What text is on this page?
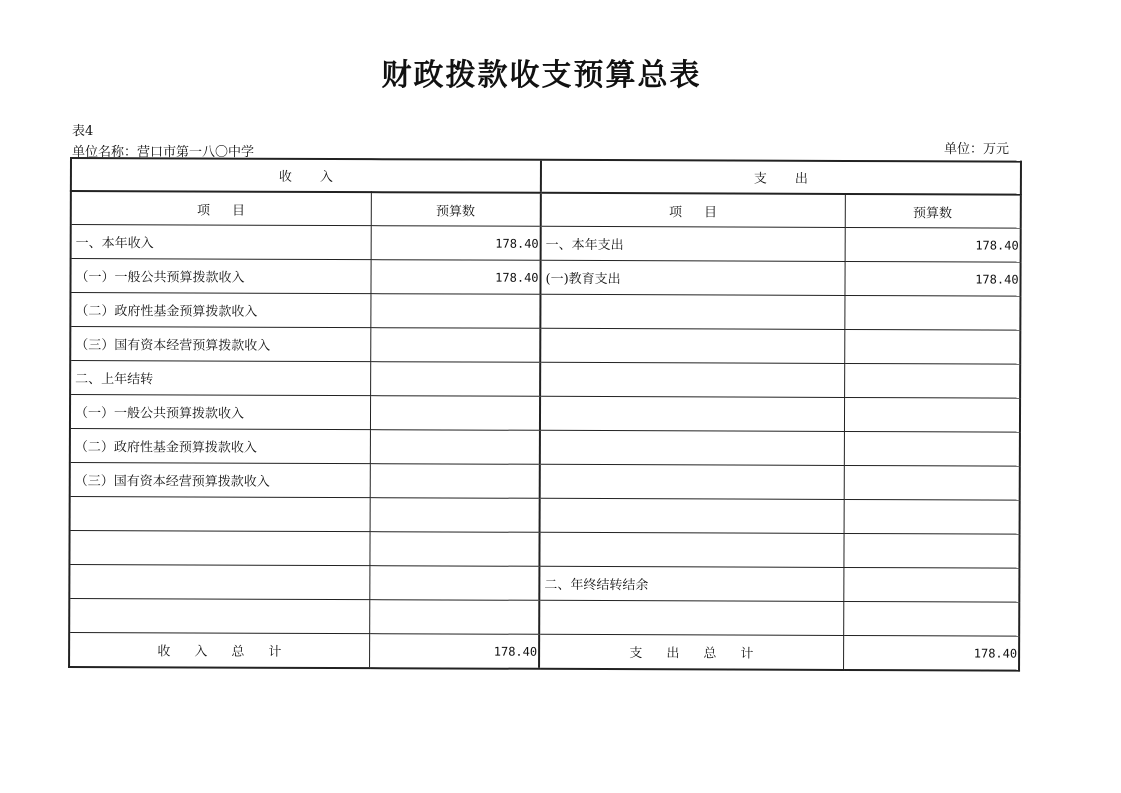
财政拨款收支预算总表
表4
单位名称：营口市第一八〇中学	单位：万元
收入		支出	
项目	预算数	项目	预算数
一、本年收入	178.40	一、本年支出	178.40
（一）一般公共预算拨款收入	178.40	(一)教育支出	178.40
（二）政府性基金预算拨款收入			
（三）国有资本经营预算拨款收入			
二、上年结转			
（一）一般公共预算拨款收入			
（二）政府性基金预算拨款收入			
（三）国有资本经营预算拨款收入			

		二、年终结转结余	

收入总计	178.40	支出总计	178.40
